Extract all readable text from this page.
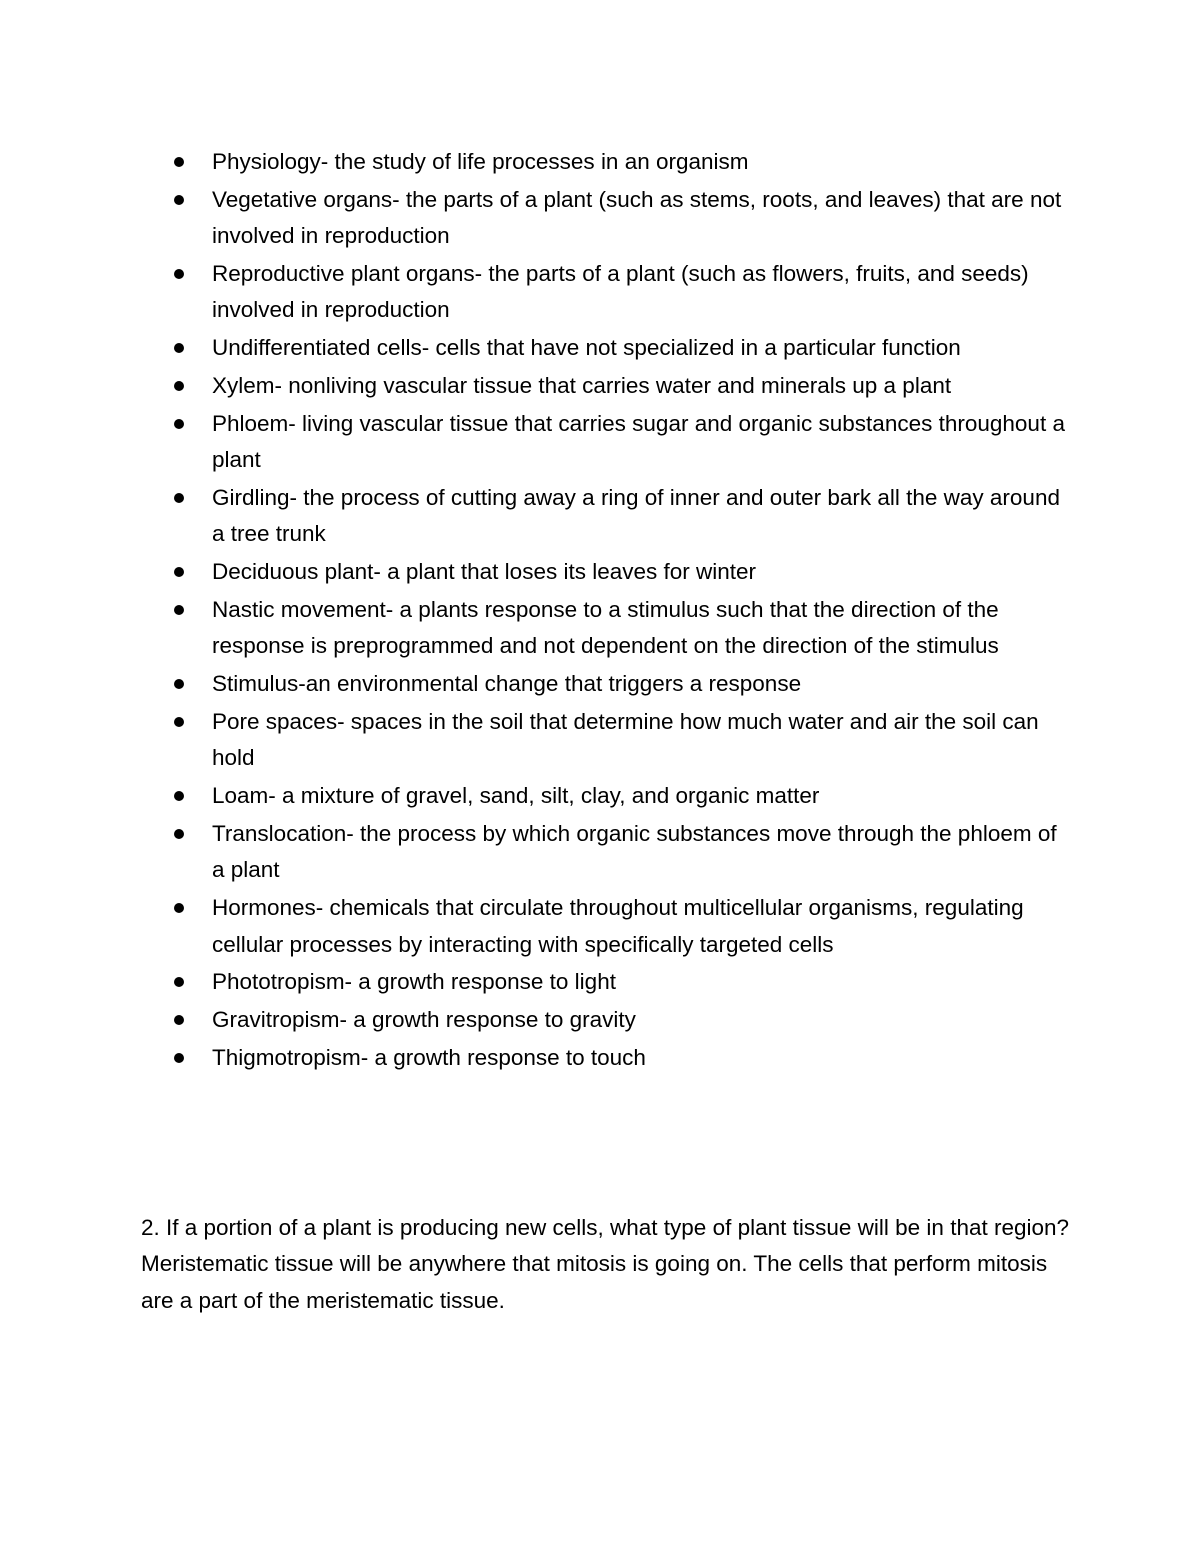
Physiology- the study of life processes in an organism
Vegetative organs- the parts of a plant (such as stems, roots, and leaves) that are not involved in reproduction
Reproductive plant organs- the parts of a plant (such as flowers, fruits, and seeds) involved in reproduction
Undifferentiated cells- cells that have not specialized in a particular function
Xylem- nonliving vascular tissue that carries water and minerals up a plant
Phloem- living vascular tissue that carries sugar and organic substances throughout a plant
Girdling- the process of cutting away a ring of inner and outer bark all the way around a tree trunk
Deciduous plant- a plant that loses its leaves for winter
Nastic movement- a plants response to a stimulus such that the direction of the response is preprogrammed and not dependent on the direction of the stimulus
Stimulus-an environmental change that triggers a response
Pore spaces- spaces in the soil that determine how much water and air the soil can hold
Loam- a mixture of gravel, sand, silt, clay, and organic matter
Translocation- the process by which organic substances move through the phloem of a plant
Hormones- chemicals that circulate throughout multicellular organisms, regulating cellular processes by interacting with specifically targeted cells
Phototropism- a growth response to light
Gravitropism- a growth response to gravity
Thigmotropism- a growth response to touch

2. If a portion of a plant is producing new cells, what type of plant tissue will be in that region? Meristematic tissue will be anywhere that mitosis is going on. The cells that perform mitosis are a part of the meristematic tissue.
